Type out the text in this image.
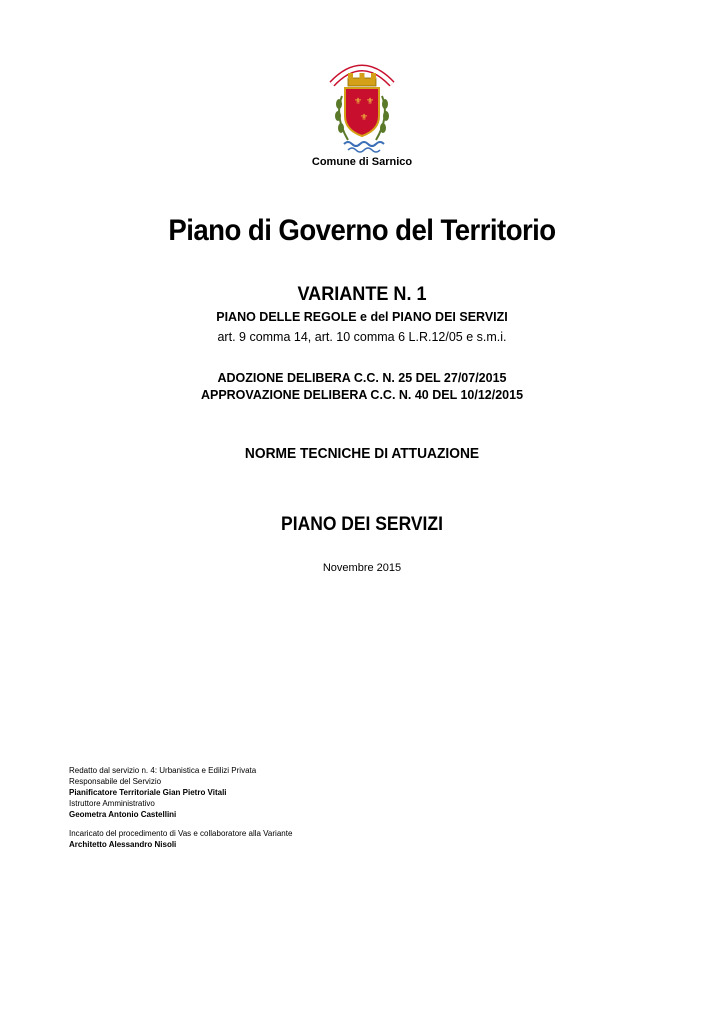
⚜ ⚜
⚜
Comune di Sarnico
Piano di Governo del Territorio
VARIANTE N. 1
PIANO DELLE REGOLE e del PIANO DEI SERVIZI
art. 9 comma 14, art. 10 comma 6 L.R.12/05 e s.m.i.
ADOZIONE DELIBERA C.C. N. 25 DEL 27/07/2015
APPROVAZIONE DELIBERA C.C. N. 40 DEL 10/12/2015
NORME TECNICHE DI ATTUAZIONE
PIANO DEI SERVIZI
Novembre 2015
Redatto dal servizio n. 4: Urbanistica e Edilizi Privata
Responsabile del Servizio
Pianificatore Territoriale Gian Pietro Vitali
Istruttore Amministrativo
Geometra Antonio Castellini
Incaricato del procedimento di Vas e collaboratore alla Variante
Architetto Alessandro Nisoli
